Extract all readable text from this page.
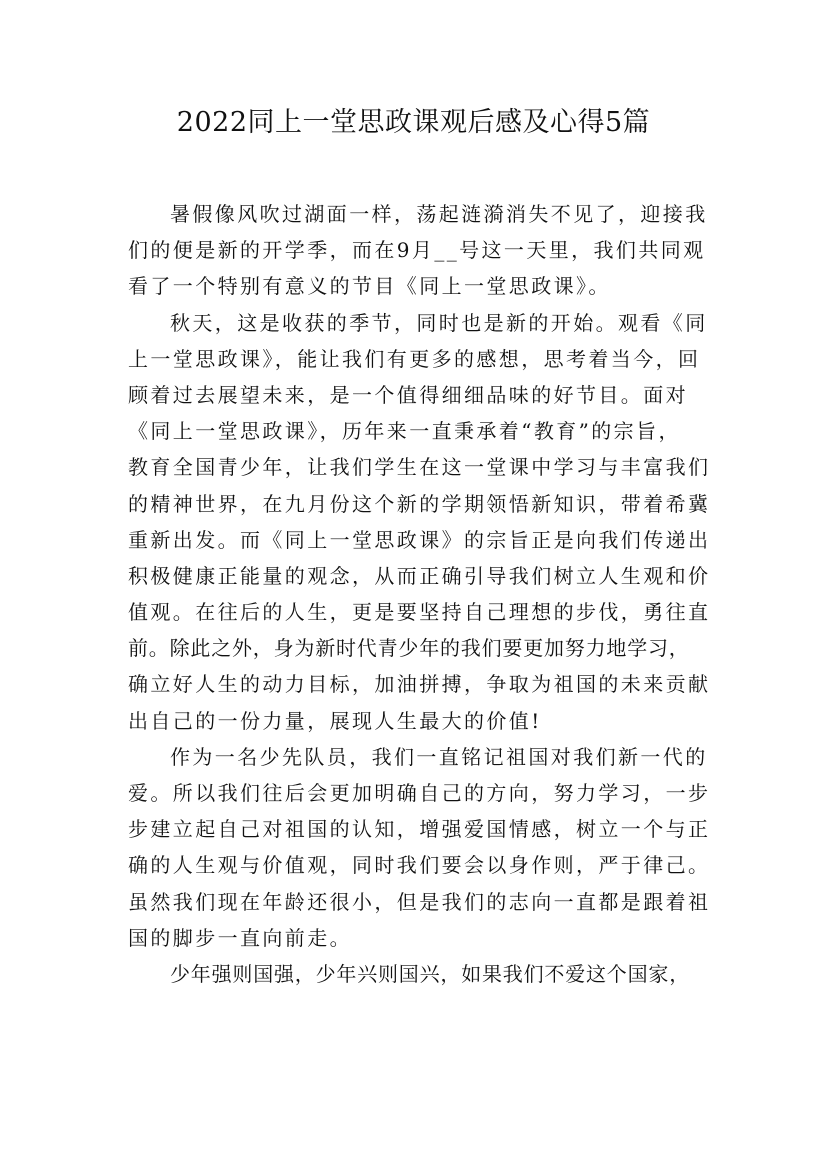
2022同上一堂思政课观后感及心得5篇
暑假像风吹过湖面一样，荡起涟漪消失不见了，迎接我
们的便是新的开学季，而在9月__号这一天里，我们共同观
看了一个特别有意义的节目《同上一堂思政课》。
秋天，这是收获的季节，同时也是新的开始。观看《同
上一堂思政课》，能让我们有更多的感想，思考着当今，回
顾着过去展望未来，是一个值得细细品味的好节目。面对
《同上一堂思政课》，历年来一直秉承着“教育”的宗旨，
教育全国青少年，让我们学生在这一堂课中学习与丰富我们
的精神世界，在九月份这个新的学期领悟新知识，带着希冀
重新出发。而《同上一堂思政课》的宗旨正是向我们传递出
积极健康正能量的观念，从而正确引导我们树立人生观和价
值观。在往后的人生，更是要坚持自己理想的步伐，勇往直
前。除此之外，身为新时代青少年的我们要更加努力地学习，
确立好人生的动力目标，加油拼搏，争取为祖国的未来贡献
出自己的一份力量，展现人生最大的价值!
作为一名少先队员，我们一直铭记祖国对我们新一代的
爱。所以我们往后会更加明确自己的方向，努力学习，一步
步建立起自己对祖国的认知，增强爱国情感，树立一个与正
确的人生观与价值观，同时我们要会以身作则，严于律己。
虽然我们现在年龄还很小，但是我们的志向一直都是跟着祖
国的脚步一直向前走。
少年强则国强，少年兴则国兴，如果我们不爱这个国家，
